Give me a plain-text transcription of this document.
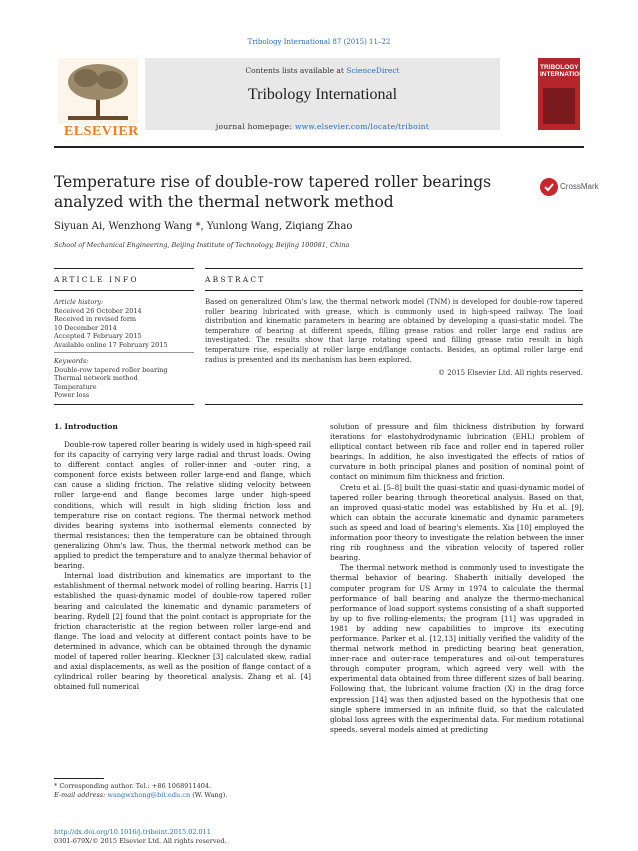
Tribology International 87 (2015) 11–22
ELSEVIER
Contents lists available at ScienceDirect
Tribology International
journal homepage: www.elsevier.com/locate/triboint
TRIBOLOGY INTERNATIONAL
Temperature rise of double-row tapered roller bearings analyzed with the thermal network method
CrossMark
Siyuan Ai, Wenzhong Wang *, Yunlong Wang, Ziqiang Zhao
School of Mechanical Engineering, Beijing Institute of Technology, Beijing 100081, China
ARTICLE INFO	ABSTRACT
Article history:
Received 26 October 2014
Received in revised form
10 December 2014
Accepted 7 February 2015
Available online 17 February 2015
Keywords:
Double-row tapered roller bearing
Thermal network method
Temperature
Power loss
Based on generalized Ohm's law, the thermal network model (TNM) is developed for double-row tapered roller bearing lubricated with grease, which is commonly used in high-speed railway. The load distribution and kinematic parameters in bearing are obtained by developing a quasi-static model. The temperature of bearing at different speeds, filling grease ratios and roller large end radius are investigated. The results show that large rotating speed and filling grease ratio result in high temperature rise, especially at roller large end/flange contacts. Besides, an optimal roller large end radius is presented and its mechanism has been explored.
© 2015 Elsevier Ltd. All rights reserved.
1. Introduction

Double-row tapered roller bearing is widely used in high-speed rail for its capacity of carrying very large radial and thrust loads. Owing to different contact angles of roller-inner and -outer ring, a component force exists between roller large-end and flange, which can cause a sliding friction. The relative sliding velocity between roller large-end and flange becomes large under high-speed conditions, which will result in high sliding friction loss and temperature rise on contact regions. The thermal network method divides bearing systems into isothermal elements connected by thermal resistances; then the temperature can be obtained through generalizing Ohm's law. Thus, the thermal network method can be applied to predict the temperature and to analyze thermal behavior of bearing.

Internal load distribution and kinematics are important to the establishment of thermal network model of rolling bearing. Harris [1] established the quasi-dynamic model of double-row tapered roller bearing and calculated the kinematic and dynamic parameters of bearing. Rydell [2] found that the point contact is appropriate for the friction characteristic at the region between roller large-end and flange. The load and velocity at different contact points have to be determined in advance, which can be obtained through the dynamic model of tapered roller bearing. Kleckner [3] calculated skew, radial and axial displacements, as well as the position of flange contact of a cylindrical roller bearing by theoretical analysis. Zhang et al. [4] obtained full numerical

solution of pressure and film thickness distribution by forward iterations for elastohydrodynamic lubrication (EHL) problem of elliptical contact between rib face and roller end in tapered roller bearings. In addition, he also investigated the effects of ratios of curvature in both principal planes and position of nominal point of contact on minimum film thickness and friction.

Cretu et al. [5–8] built the quasi-static and quasi-dynamic model of tapered roller bearing through theoretical analysis. Based on that, an improved quasi-static model was established by Hu et al. [9], which can obtain the accurate kinematic and dynamic parameters such as speed and load of bearing's elements. Xia [10] employed the information poor theory to investigate the relation between the inner ring rib roughness and the vibration velocity of tapered roller bearing.

The thermal network method is commonly used to investigate the thermal behavior of bearing. Shaberth initially developed the computer program for US Army in 1974 to calculate the thermal performance of ball bearing and analyze the thermo-mechanical performance of load support systems consisting of a shaft supported by up to five rolling-elements; the program [11] was upgraded in 1981 by adding new capabilities to improve its executing performance. Parker et al. [12,13] initially verified the validity of the thermal network method in predicting bearing heat generation, inner-race and outer-race temperatures and oil-out temperatures through computer program, which agreed very well with the experimental data obtained from three different sizes of ball bearing. Following that, the lubricant volume fraction (X) in the drag force expression [14] was then adjusted based on the hypothesis that one single sphere immersed in an infinite fluid, so that the calculated global loss agrees with the experimental data. For medium rotational speeds, several models aimed at predicting

* Corresponding author. Tel.: +86 1068911404.
E-mail address: wangwzhong@bit.edu.cn (W. Wang).
http://dx.doi.org/10.1016/j.triboint.2015.02.011
0301-679X/© 2015 Elsevier Ltd. All rights reserved.
